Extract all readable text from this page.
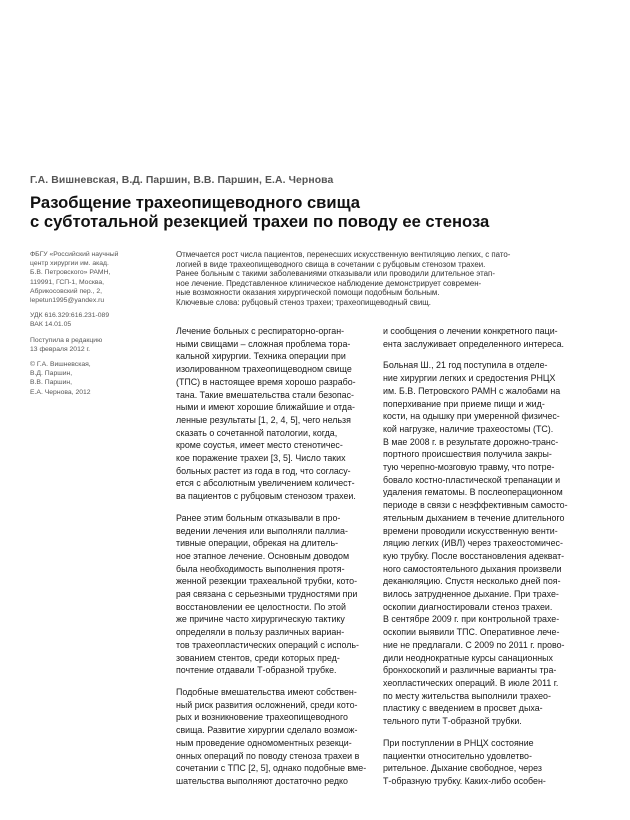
Г.А. Вишневская, В.Д. Паршин, В.В. Паршин, Е.А. Чернова
Разобщение трахеопищеводного свища
с субтотальной резекцией трахеи по поводу ее стеноза
ФБГУ «Российский научный
центр хирургии им. акад.
Б.В. Петровского» РАМН,
119991, ГСП-1, Москва,
Абрикосовский пер., 2,
lepetun1995@yandex.ru
УДК 616.329:616.231-089
ВАК 14.01.05
Поступила в редакцию
13 февраля 2012 г.
© Г.А. Вишневская,
В.Д. Паршин,
В.В. Паршин,
Е.А. Чернова, 2012
Отмечается рост числа пациентов, перенесших искусственную вентиляцию легких, с пато-
логией в виде трахеопищеводного свища в сочетании с рубцовым стенозом трахеи.
Ранее больным с такими заболеваниями отказывали или проводили длительное этап-
ное лечение. Представленное клиническое наблюдение демонстрирует современ-
ные возможности оказания хирургической помощи подобным больным.
Ключевые слова: рубцовый стеноз трахеи; трахеопищеводный свищ.
Лечение больных с респираторно-орган-
ными свищами – сложная проблема тора-
кальной хирургии. Техника операции при
изолированном трахеопищеводном свище
(ТПС) в настоящее время хорошо разрабо-
тана. Такие вмешательства стали безопас-
ными и имеют хорошие ближайшие и отда-
ленные результаты [1, 2, 4, 5], чего нельзя
сказать о сочетанной патологии, когда,
кроме соустья, имеет место стенотичес-
кое поражение трахеи [3, 5]. Число таких
больных растет из года в год, что согласу-
ется с абсолютным увеличением количест-
ва пациентов с рубцовым стенозом трахеи.
Ранее этим больным отказывали в про-
ведении лечения или выполняли паллиа-
тивные операции, обрекая на длитель-
ное этапное лечение. Основным доводом
была необходимость выполнения протя-
женной резекции трахеальной трубки, кото-
рая связана с серьезными трудностями при
восстановлении ее целостности. По этой
же причине часто хирургическую тактику
определяли в пользу различных вариан-
тов трахеопластических операций с исполь-
зованием стентов, среди которых пред-
почтение отдавали Т-образной трубке.
Подобные вмешательства имеют собствен-
ный риск развития осложнений, среди кото-
рых и возникновение трахеопищеводного
свища. Развитие хирургии сделало возмож-
ным проведение одномоментных резекци-
онных операций по поводу стеноза трахеи в
сочетании с ТПС [2, 5], однако подобные вме-
шательства выполняют достаточно редко
и сообщения о лечении конкретного паци-
ента заслуживает определенного интереса.
Больная Ш., 21 год поступила в отделе-
ние хирургии легких и средостения РНЦХ
им. Б.В. Петровского РАМН с жалобами на
поперхивание при приеме пищи и жид-
кости, на одышку при умеренной физичес-
кой нагрузке, наличие трахеостомы (ТС).
В мае 2008 г. в результате дорожно-транс-
портного происшествия получила закры-
тую черепно-мозговую травму, что потре-
бовало костно-пластической трепанации и
удаления гематомы. В послеоперационном
периоде в связи с неэффективным самосто-
ятельным дыханием в течение длительного
времени проводили искусственную венти-
ляцию легких (ИВЛ) через трахеостомичес-
кую трубку. После восстановления адекват-
ного самостоятельного дыхания произвели
деканюляцию. Спустя несколько дней поя-
вилось затрудненное дыхание. При трахе-
оскопии диагностировали стеноз трахеи.
В сентябре 2009 г. при контрольной трахе-
оскопии выявили ТПС. Оперативное лече-
ние не предлагали. С 2009 по 2011 г. прово-
дили неоднократные курсы санационных
бронхоскопий и различные варианты тра-
хеопластических операций. В июле 2011 г.
по месту жительства выполнили трахео-
пластику с введением в просвет дыха-
тельного пути Т-образной трубки.
При поступлении в РНЦХ состояние
пациентки относительно удовлетво-
рительное. Дыхание свободное, через
Т-образную трубку. Каких-либо особен-
